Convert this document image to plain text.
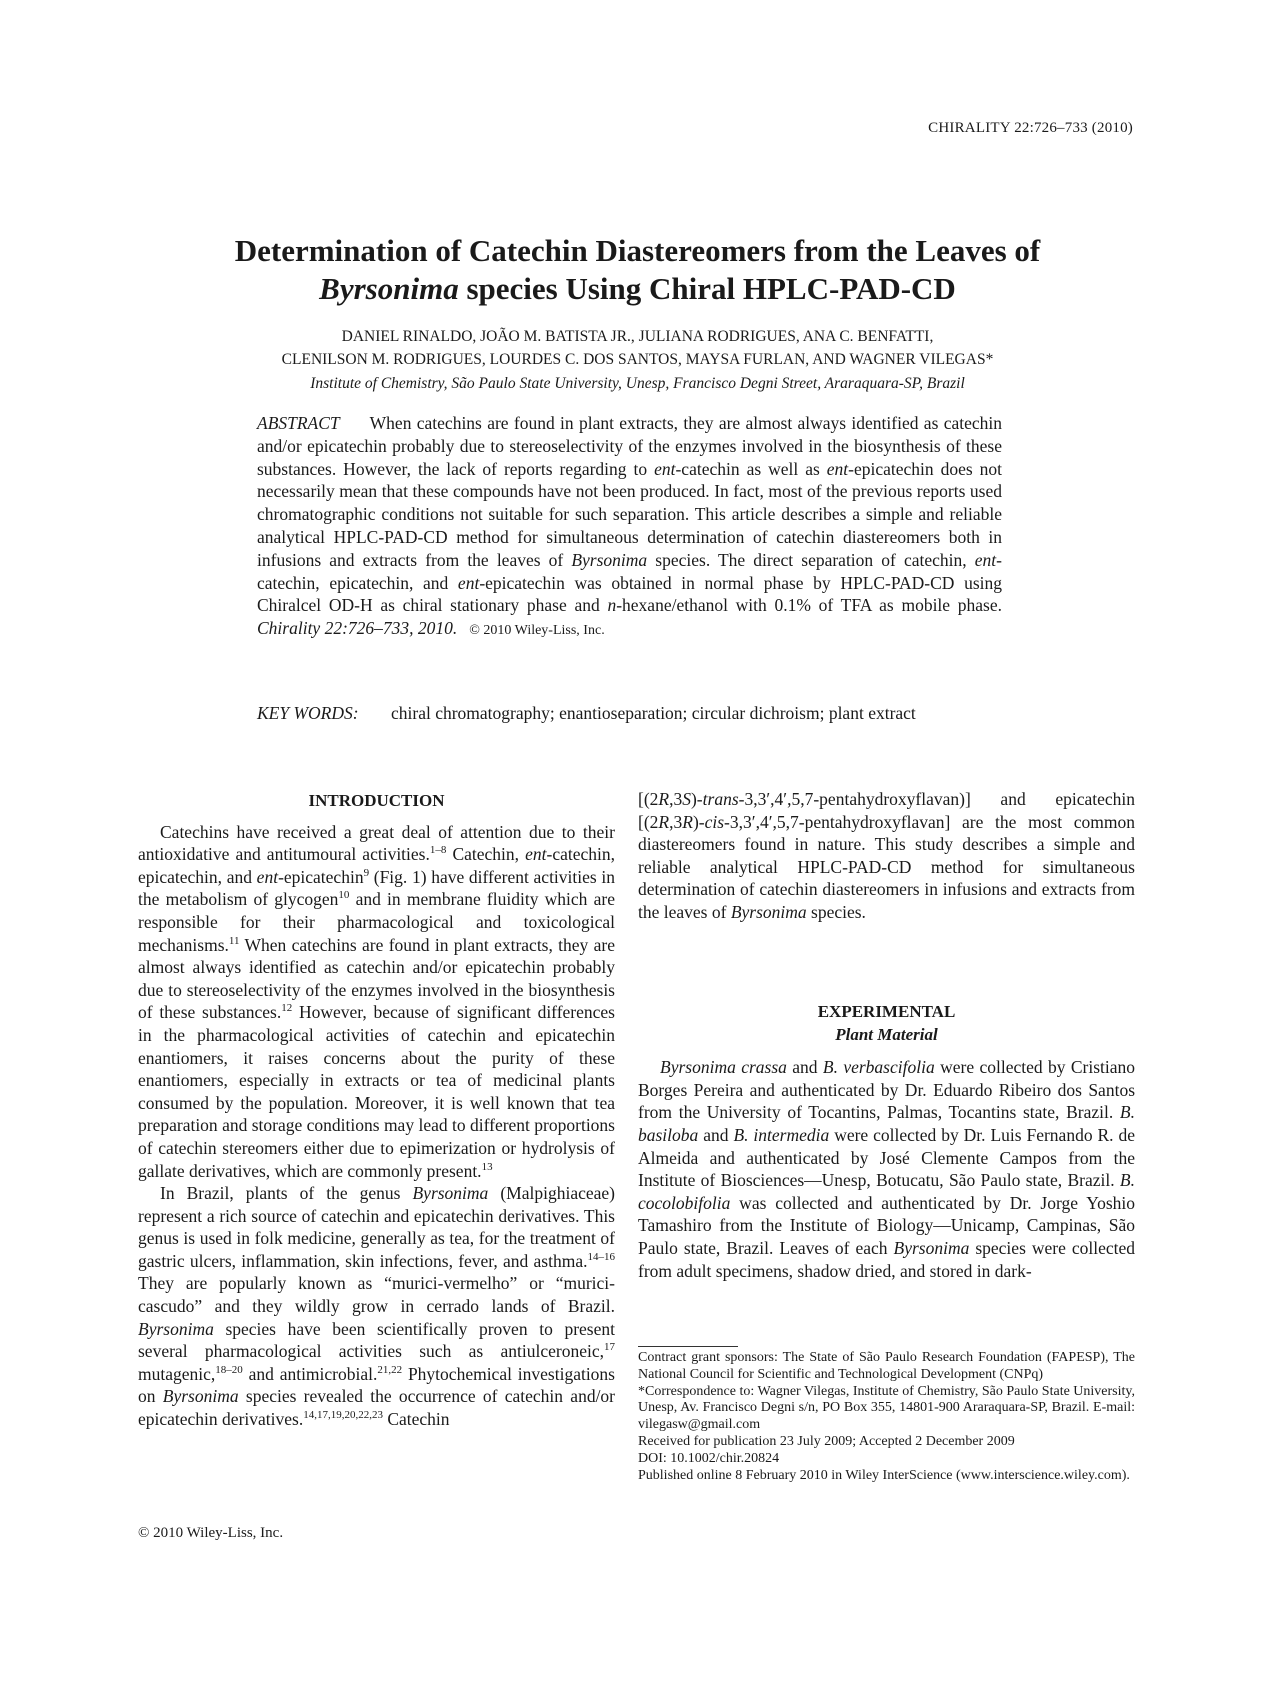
CHIRALITY 22:726–733 (2010)
Determination of Catechin Diastereomers from the Leaves of
Byrsonima species Using Chiral HPLC-PAD-CD
DANIEL RINALDO, JOÃO M. BATISTA JR., JULIANA RODRIGUES, ANA C. BENFATTI,
CLENILSON M. RODRIGUES, LOURDES C. DOS SANTOS, MAYSA FURLAN, AND WAGNER VILEGAS*
Institute of Chemistry, São Paulo State University, Unesp, Francisco Degni Street, Araraquara-SP, Brazil
ABSTRACT When catechins are found in plant extracts, they are almost always identified as catechin and/or epicatechin probably due to stereoselectivity of the enzymes involved in the biosynthesis of these substances. However, the lack of reports regarding to ent-catechin as well as ent-epicatechin does not necessarily mean that these compounds have not been produced. In fact, most of the previous reports used chromatographic conditions not suitable for such separation. This article describes a simple and reliable analytical HPLC-PAD-CD method for simultaneous determination of catechin diastereomers both in infusions and extracts from the leaves of Byrsonima species. The direct separation of catechin, ent-catechin, epicatechin, and ent-epicatechin was obtained in normal phase by HPLC-PAD-CD using Chiralcel OD-H as chiral stationary phase and n-hexane/ethanol with 0.1% of TFA as mobile phase. Chirality 22:726–733, 2010. © 2010 Wiley-Liss, Inc.
KEY WORDS:	chiral chromatography; enantioseparation; circular dichroism; plant extract
INTRODUCTION

Catechins have received a great deal of attention due to their antioxidative and antitumoural activities.$^{1-8}$ Catechin, ent-catechin, epicatechin, and ent-epicatechin$^9$ (Fig. 1) have different activities in the metabolism of glycogen$^{10}$ and in membrane fluidity which are responsible for their pharmacological and toxicological mechanisms.$^{11}$ When catechins are found in plant extracts, they are almost always identified as catechin and/or epicatechin probably due to stereoselectivity of the enzymes involved in the biosynthesis of these substances.$^{12}$ However, because of significant differences in the pharmacological activities of catechin and epicatechin enantiomers, it raises concerns about the purity of these enantiomers, especially in extracts or tea of medicinal plants consumed by the population. Moreover, it is well known that tea preparation and storage conditions may lead to different proportions of catechin stereomers either due to epimerization or hydrolysis of gallate derivatives, which are commonly present.$^{13}$

In Brazil, plants of the genus Byrsonima (Malpighiaceae) represent a rich source of catechin and epicatechin derivatives. This genus is used in folk medicine, generally as tea, for the treatment of gastric ulcers, inflammation, skin infections, fever, and asthma.$^{14-16}$ They are popularly known as “murici-vermelho” or “murici-cascudo” and they wildly grow in cerrado lands of Brazil. Byrsonima species have been scientifically proven to present several pharmacological activities such as antiulceroneic,$^{17}$ mutagenic,$^{18-20}$ and antimicrobial.$^{21,22}$ Phytochemical investigations on Byrsonima species revealed the occurrence of catechin and/or epicatechin derivatives.$^{14,17,19,20,22,23}$ Catechin

[(2R,3S)-trans-3,3′,4′,5,7-pentahydroxyflavan)] and epicatechin [(2R,3R)-cis-3,3′,4′,5,7-pentahydroxyflavan] are the most common diastereomers found in nature. This study describes a simple and reliable analytical HPLC-PAD-CD method for simultaneous determination of catechin diastereomers in infusions and extracts from the leaves of Byrsonima species.

EXPERIMENTAL
Plant Material

Byrsonima crassa and B. verbascifolia were collected by Cristiano Borges Pereira and authenticated by Dr. Eduardo Ribeiro dos Santos from the University of Tocantins, Palmas, Tocantins state, Brazil. B. basiloba and B. intermedia were collected by Dr. Luis Fernando R. de Almeida and authenticated by José Clemente Campos from the Institute of Biosciences—Unesp, Botucatu, São Paulo state, Brazil. B. cocolobifolia was collected and authenticated by Dr. Jorge Yoshio Tamashiro from the Institute of Biology—Unicamp, Campinas, São Paulo state, Brazil. Leaves of each Byrsonima species were collected from adult specimens, shadow dried, and stored in dark-

Contract grant sponsors: The State of São Paulo Research Foundation (FAPESP), The National Council for Scientific and Technological Development (CNPq)

*Correspondence to: Wagner Vilegas, Institute of Chemistry, São Paulo State University, Unesp, Av. Francisco Degni s/n, PO Box 355, 14801-900 Araraquara-SP, Brazil. E-mail: vilegasw@gmail.com

Received for publication 23 July 2009; Accepted 2 December 2009

DOI: 10.1002/chir.20824

Published online 8 February 2010 in Wiley InterScience (www.interscience.wiley.com).

© 2010 Wiley-Liss, Inc.
